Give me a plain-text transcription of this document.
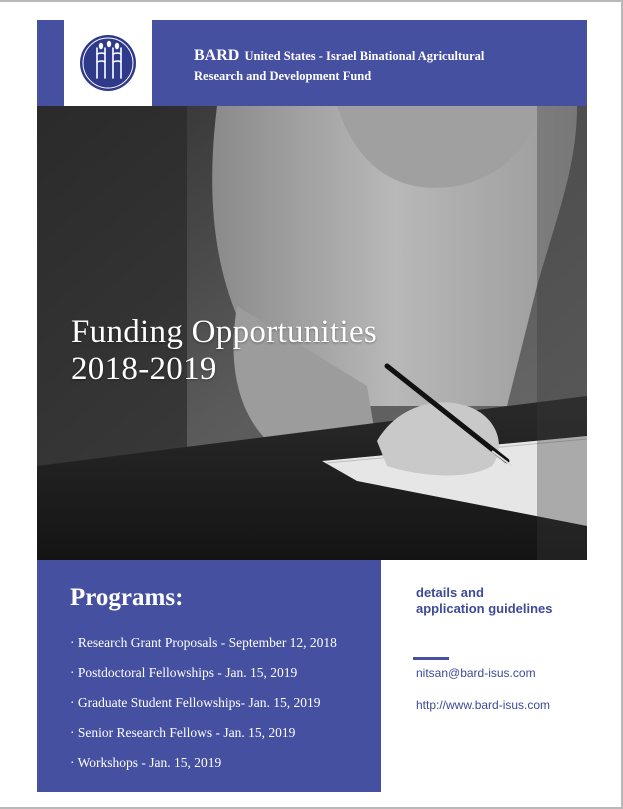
BARD United States - Israel Binational Agricultural
Research and Development Fund
Funding Opportunities
2018-2019
Programs:
· Research Grant Proposals - September 12, 2018
· Postdoctoral Fellowships - Jan. 15, 2019
· Graduate Student Fellowships- Jan. 15, 2019
· Senior Research Fellows - Jan. 15, 2019
· Workshops - Jan. 15, 2019
details and
application guidelines
nitsan@bard-isus.com
http://www.bard-isus.com
